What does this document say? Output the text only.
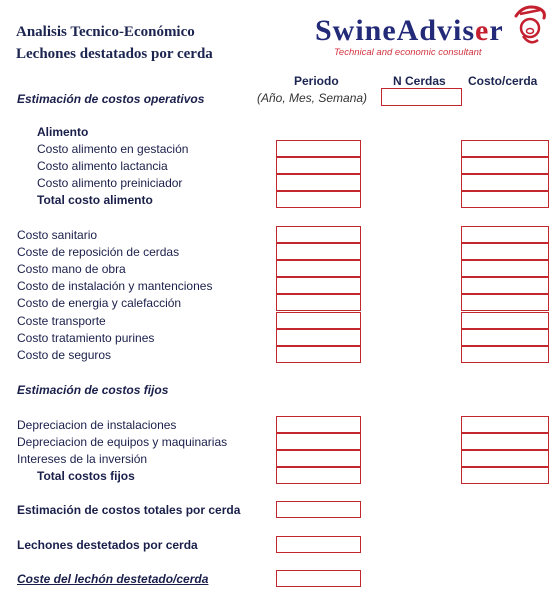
Analisis Tecnico-Económico
Lechones destatados por cerda
SwineAdviser
Technical and economic consultant
Periodo	N Cerdas Costo/cerda
Estimación de costos operativos	(Año, Mes, Semana)
Alimento
Costo alimento en gestación
Costo alimento lactancia
Costo alimento preiniciador
Total costo alimento
Costo sanitario
Coste de reposición de cerdas
Costo mano de obra
Costo de instalación y mantenciones
Costo de energia y calefacción
Coste transporte
Costo tratamiento purines
Costo de seguros
Estimación de costos fijos
Depreciacion de instalaciones
Depreciacion de equipos y maquinarias
Intereses de la inversión
Total costos fijos
Estimación de costos totales por cerda
Lechones destetados por cerda
Coste del lechón destetado/cerda
